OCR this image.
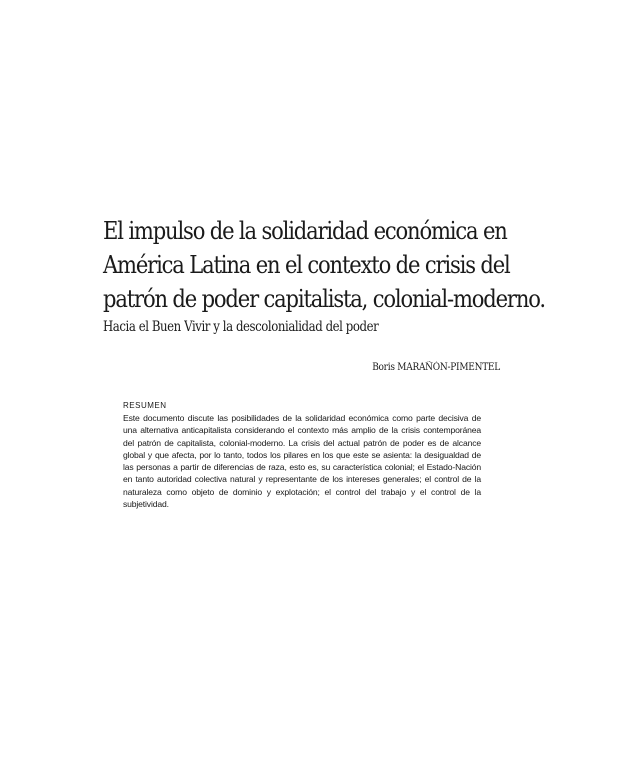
El impulso de la solidaridad económica en
América Latina en el contexto de crisis del
patrón de poder capitalista, colonial-moderno.
Hacia el Buen Vivir y la descolonialidad del poder
Boris MARAÑÓN-PIMENTEL
RESUMEN

Este documento discute las posibilidades de la solidaridad económica como parte decisiva de una alternativa anticapitalista considerando el contexto más amplio de la crisis contemporánea del patrón de capitalista, colonial-moderno. La crisis del actual patrón de poder es de alcance global y que afecta, por lo tanto, todos los pilares en los que este se asienta: la desigualdad de las personas a partir de diferencias de raza, esto es, su característica colonial; el Estado-Nación en tanto autoridad colectiva natural y representante de los intereses generales; el control de la naturaleza como objeto de dominio y explotación; el control del trabajo y el control de la subjetividad.
